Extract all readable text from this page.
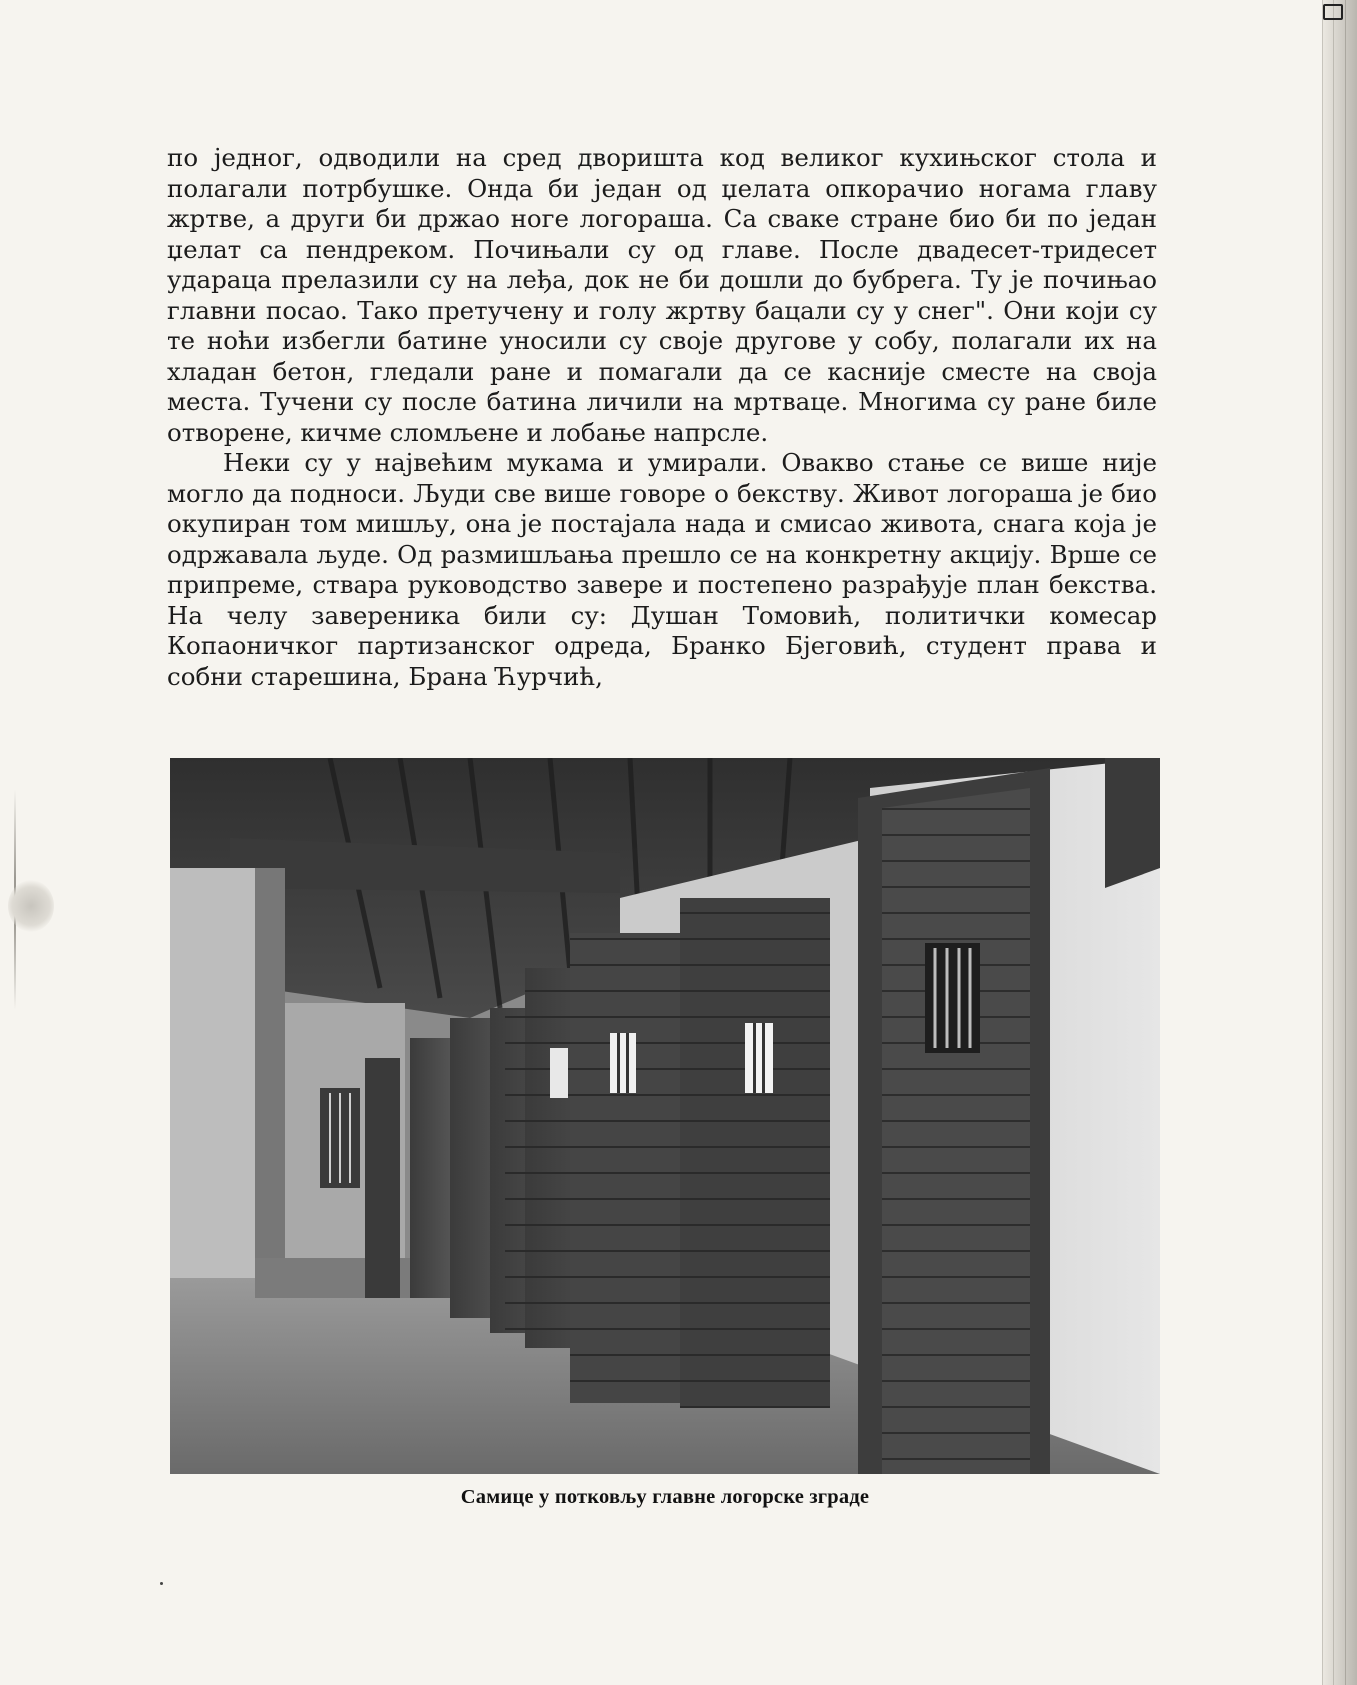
по једног, одводили на сред дворишта код великог кухињског стола и полагали потрбушке. Онда би један од џелата опкорачио ногама главу жртве, а други би држао ноге логораша. Са сваке стране био би по један џелат са пендреком. Почињали су од главе. После двадесет-тридесет удараца прелазили су на леђа, док не би дошли до бубрега. Ту је почињао главни посао. Тако претучену и голу жртву бацали су у снег". Они који су те ноћи избегли батине уносили су своје другове у собу, полагали их на хладан бетон, гледали ране и помагали да се касније сместе на своја места. Тучени су после батина личили на мртваце. Многима су ране биле отворене, кичме сломљене и лобање напрсле.

Неки су у највећим мукама и умирали. Овакво стање се више није могло да подноси. Људи све више говоре о бекству. Живот логораша је био окупиран том мишљу, она је постајала нада и смисао живота, снага која је одржавала људе. Од размишљања прешло се на конкретну акцију. Врше се припреме, ствара руководство завере и постепено разрађује план бекства. На челу завереника били су: Душан Томовић, политички комесар Копаоничког партизанског одреда, Бранко Бјеговић, студент права и собни старешина, Брана Ћурчић,

Самице у потковљу главне логорске зграде
